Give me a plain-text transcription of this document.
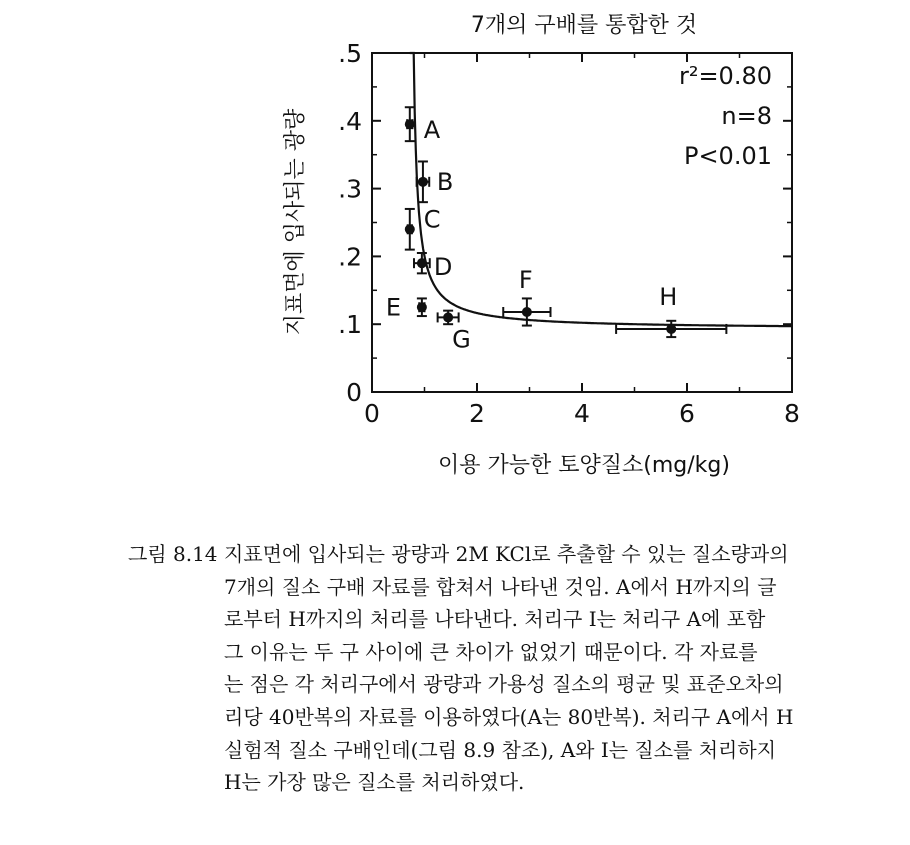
0	2	4	6	8
0
.1
.2
.3
.4
.5
7개의 구배를 통합한 것
이용 가능한 토양질소(mg/kg)
지표면에 입사되는 광량
r²=0.80
n=8
P<0.01
A
B
C
D
E
F
G
H
그림 8.14 지표면에 입사되는 광량과 2M KCl로 추출할 수 있는 질소량과의
7개의 질소 구배 자료를 합쳐서 나타낸 것임. A에서 H까지의 글
로부터 H까지의 처리를 나타낸다. 처리구 I는 처리구 A에 포함
그 이유는 두 구 사이에 큰 차이가 없었기 때문이다. 각 자료를
는 점은 각 처리구에서 광량과 가용성 질소의 평균 및 표준오차의
리당 40반복의 자료를 이용하였다(A는 80반복). 처리구 A에서 H
실험적 질소 구배인데(그림 8.9 참조), A와 I는 질소를 처리하지
H는 가장 많은 질소를 처리하였다.
